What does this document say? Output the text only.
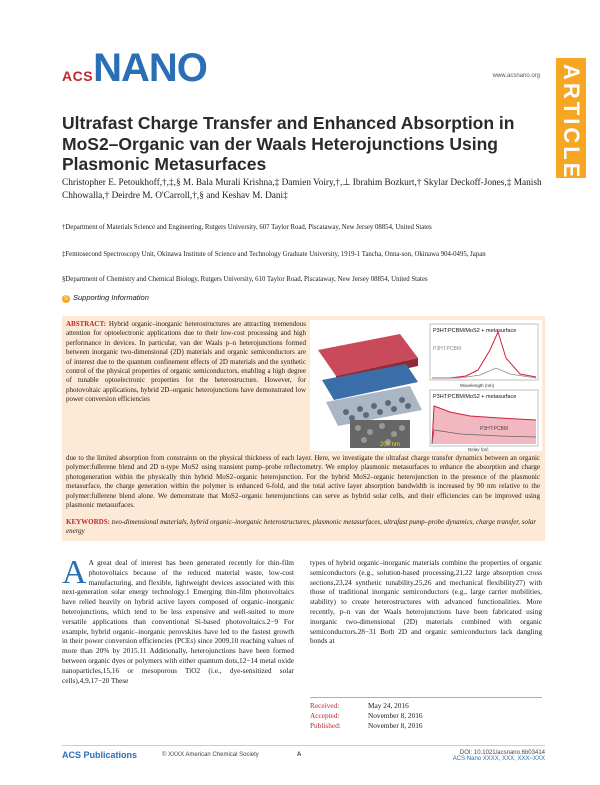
ACSNANO	www.acsnano.org ARTICLE
Ultrafast Charge Transfer and Enhanced Absorption in MoS2–Organic van der Waals Heterojunctions Using Plasmonic Metasurfaces
Christopher E. Petoukhoff,†,‡,§ M. Bala Murali Krishna,‡ Damien Voiry,†,⊥ Ibrahim Bozkurt,† Skylar Deckoff-Jones,‡ Manish Chhowalla,† Deirdre M. O'Carroll,†,§ and Keshav M. Dani‡
†Department of Materials Science and Engineering, Rutgers University, 607 Taylor Road, Piscataway, New Jersey 08854, United States
‡Femtosecond Spectroscopy Unit, Okinawa Institute of Science and Technology Graduate University, 1919-1 Tancha, Onna-son, Okinawa 904-0495, Japan
§Department of Chemistry and Chemical Biology, Rutgers University, 610 Taylor Road, Piscataway, New Jersey 08854, United States
S Supporting Information
ABSTRACT: Hybrid organic–inorganic heterostructures are attracting tremendous attention for optoelectronic applications due to their low-cost processing and high performance in devices. In particular, van der Waals p–n heterojunctions formed between inorganic two-dimensional (2D) materials and organic semiconductors are of interest due to the quantum confinement effects of 2D materials and the synthetic control of the physical properties of organic semiconductors, enabling a high degree of tunable optoelectronic properties for the heterostructure. However, for photovoltaic applications, hybrid 2D–organic heterojunctions have demonstrated low power conversion efficiencies
due to the limited absorption from constraints on the physical thickness of each layer. Here, we investigate the ultrafast charge transfer dynamics between an organic polymer:fullerene blend and 2D n-type MoS2 using transient pump–probe reflectometry. We employ plasmonic metasurfaces to enhance the absorption and charge photogeneration within the physically thin hybrid MoS2–organic heterojunction. For the hybrid MoS2–organic heterojunction in the presence of the plasmonic metasurface, the charge generation within the polymer is enhanced 6-fold, and the total active layer absorption bandwidth is increased by 90 nm relative to the polymer:fullerene blend alone. We demonstrate that MoS2–organic heterojunctions can serve as hybrid solar cells, and their efficiencies can be improved using plasmonic metasurfaces.
KEYWORDS: two-dimensional materials, hybrid organic–inorganic heterostructures, plasmonic metasurfaces, ultrafast pump–probe dynamics, charge transfer, solar energy
200 nm
P3HT:PCBM/MoS2 + metasurface
P3HT:PCBM
Wavelength (nm)
P3HT:PCBM/MoS2 + metasurface
P3HT:PCBM
Delay (ps)
A A great deal of interest has been generated recently for thin-film photovoltaics because of the reduced material waste, low-cost manufacturing, and flexible, lightweight devices associated with this next-generation solar energy technology.1 Emerging thin-film photovoltaics have relied heavily on hybrid active layers composed of organic–inorganic heterojunctions, which tend to be less expensive and well-suited to more versatile applications than conventional Si-based photovoltaics.2−9 For example, hybrid organic–inorganic perovskites have led to the fastest growth in their power conversion efficiencies (PCEs) since 2009,10 reaching values of more than 20% by 2015.11 Additionally, heterojunctions have been formed between organic dyes or polymers with either quantum dots,12−14 metal oxide nanoparticles,15,16 or mesoporous TiO2 (i.e., dye-sensitized solar cells),4,9,17−20 These
types of hybrid organic–inorganic materials combine the properties of organic semiconductors (e.g., solution-based processing,21,22 large absorption cross sections,23,24 synthetic tunability,25,26 and mechanical flexibility27) with those of traditional inorganic semiconductors (e.g., large carrier mobilities, stability) to create heterostructures with advanced functionalities. More recently, p–n van der Waals heterojunctions have been fabricated using inorganic two-dimensional (2D) materials combined with organic semiconductors.28−31 Both 2D and organic semiconductors lack dangling bonds at
Received:	May 24, 2016
Accepted:	November 8, 2016
Published:	November 8, 2016
ACS Publications	© XXXX American Chemical Society	A	DOI: 10.1021/acsnano.6b03414
ACS Nano XXXX, XXX, XXX−XXX
